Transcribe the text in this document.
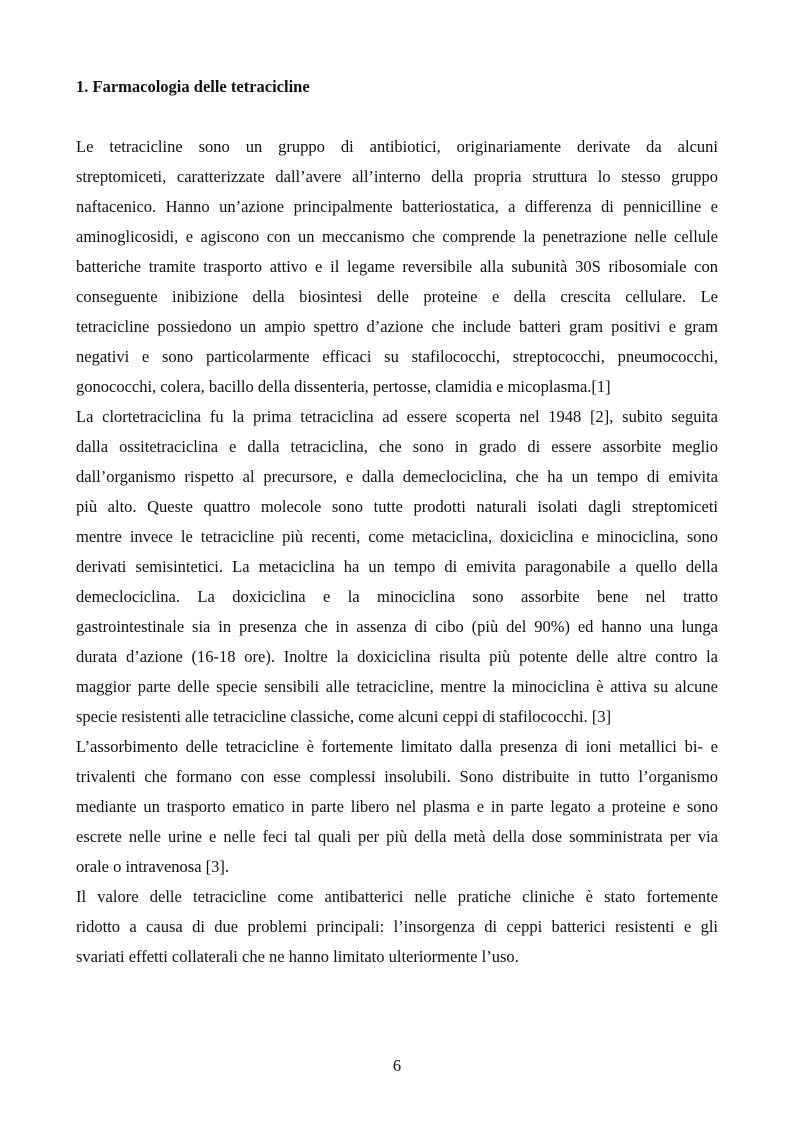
1. Farmacologia delle tetracicline

Le tetracicline sono un gruppo di antibiotici, originariamente derivate da alcuni

streptomiceti, caratterizzate dall’avere all’interno della propria struttura lo stesso gruppo

naftacenico. Hanno un’azione principalmente batteriostatica, a differenza di pennicilline e

aminoglicosidi, e agiscono con un meccanismo che comprende la penetrazione nelle cellule

batteriche tramite trasporto attivo e il legame reversibile alla subunità 30S ribosomiale con

conseguente inibizione della biosintesi delle proteine e della crescita cellulare. Le

tetracicline possiedono un ampio spettro d’azione che include batteri gram positivi e gram

negativi e sono particolarmente efficaci su stafilococchi, streptococchi, pneumococchi,

gonococchi, colera, bacillo della dissenteria, pertosse, clamidia e micoplasma.[1]

La clortetraciclina fu la prima tetraciclina ad essere scoperta nel 1948 [2], subito seguita

dalla ossitetraciclina e dalla tetraciclina, che sono in grado di essere assorbite meglio

dall’organismo rispetto al precursore, e dalla demeclociclina, che ha un tempo di emivita

più alto. Queste quattro molecole sono tutte prodotti naturali isolati dagli streptomiceti

mentre invece le tetracicline più recenti, come metaciclina, doxiciclina e minociclina, sono

derivati semisintetici. La metaciclina ha un tempo di emivita paragonabile a quello della

demeclociclina. La doxiciclina e la minociclina sono assorbite bene nel tratto

gastrointestinale sia in presenza che in assenza di cibo (più del 90%) ed hanno una lunga

durata d’azione (16-18 ore). Inoltre la doxiciclina risulta più potente delle altre contro la

maggior parte delle specie sensibili alle tetracicline, mentre la minociclina è attiva su alcune

specie resistenti alle tetracicline classiche, come alcuni ceppi di stafilococchi. [3]

L’assorbimento delle tetracicline è fortemente limitato dalla presenza di ioni metallici bi- e

trivalenti che formano con esse complessi insolubili. Sono distribuite in tutto l’organismo

mediante un trasporto ematico in parte libero nel plasma e in parte legato a proteine e sono

escrete nelle urine e nelle feci tal quali per più della metà della dose somministrata per via

orale o intravenosa [3].

Il valore delle tetracicline come antibatterici nelle pratiche cliniche è stato fortemente

ridotto a causa di due problemi principali: l’insorgenza di ceppi batterici resistenti e gli

svariati effetti collaterali che ne hanno limitato ulteriormente l’uso.

6
